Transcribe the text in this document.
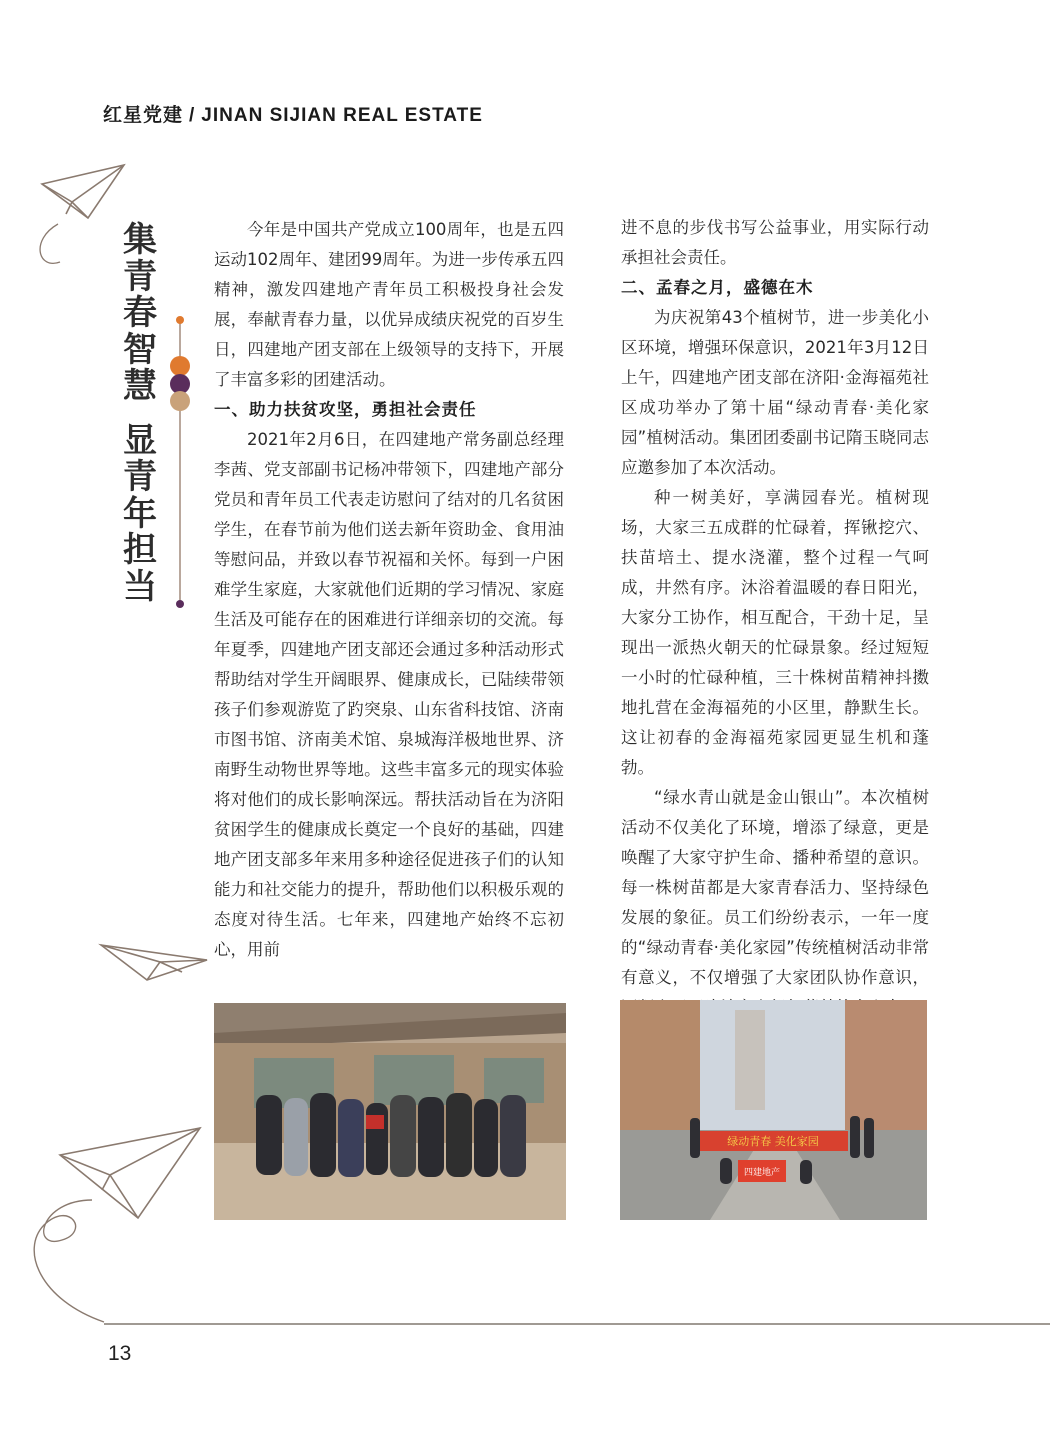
红星党建 / JINAN SIJIAN REAL ESTATE
集
青
春
智
慧
显
青
年
担
当

今年是中国共产党成立100周年，也是五四运动102周年、建团99周年。为进一步传承五四精神，激发四建地产青年员工积极投身社会发展，奉献青春力量，以优异成绩庆祝党的百岁生日，四建地产团支部在上级领导的支持下，开展了丰富多彩的团建活动。

一、助力扶贫攻坚，勇担社会责任

2021年2月6日，在四建地产常务副总经理李茜、党支部副书记杨冲带领下，四建地产部分党员和青年员工代表走访慰问了结对的几名贫困学生，在春节前为他们送去新年资助金、食用油等慰问品，并致以春节祝福和关怀。每到一户困难学生家庭，大家就他们近期的学习情况、家庭生活及可能存在的困难进行详细亲切的交流。每年夏季，四建地产团支部还会通过多种活动形式帮助结对学生开阔眼界、健康成长，已陆续带领孩子们参观游览了趵突泉、山东省科技馆、济南市图书馆、济南美术馆、泉城海洋极地世界、济南野生动物世界等地。这些丰富多元的现实体验将对他们的成长影响深远。帮扶活动旨在为济阳贫困学生的健康成长奠定一个良好的基础，四建地产团支部多年来用多种途径促进孩子们的认知能力和社交能力的提升，帮助他们以积极乐观的态度对待生活。七年来，四建地产始终不忘初心，用前

进不息的步伐书写公益事业，用实际行动承担社会责任。

二、孟春之月，盛德在木

为庆祝第43个植树节，进一步美化小区环境，增强环保意识，2021年3月12日上午，四建地产团支部在济阳·金海福苑社区成功举办了第十届“绿动青春·美化家园”植树活动。集团团委副书记隋玉晓同志应邀参加了本次活动。

种一树美好，享满园春光。植树现场，大家三五成群的忙碌着，挥锹挖穴、扶苗培土、提水浇灌，整个过程一气呵成，井然有序。沐浴着温暖的春日阳光，大家分工协作，相互配合，干劲十足，呈现出一派热火朝天的忙碌景象。经过短短一小时的忙碌种植，三十株树苗精神抖擞地扎营在金海福苑的小区里，静默生长。这让初春的金海福苑家园更显生机和蓬勃。

“绿水青山就是金山银山”。本次植树活动不仅美化了环境，增添了绿意，更是唤醒了大家守护生命、播种希望的意识。每一株树苗都是大家青春活力、坚持绿色发展的象征。员工们纷纷表示，一年一度的“绿动青春·美化家园”传统植树活动非常有意义，不仅增强了大家团队协作意识，

绿动青春 美化家园
四建地产
13
